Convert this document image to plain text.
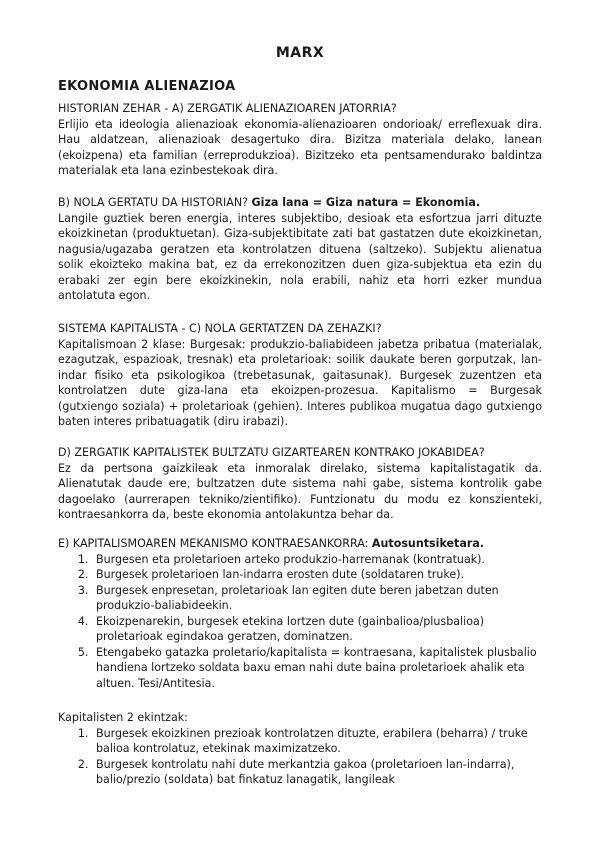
MARX
EKONOMIA ALIENAZIOA
HISTORIAN ZEHAR - A) ZERGATIK ALIENAZIOAREN JATORRIA?
Erlijio eta ideologia alienazioak ekonomia-alienazioaren ondorioak/ erreflexuak dira. Hau aldatzean, alienazioak desagertuko dira. Bizitza materiala delako, lanean (ekoizpena) eta familian (erreprodukzioa). Bizitzeko eta pentsamendurako baldintza materialak eta lana ezinbestekoak dira.
B) NOLA GERTATU DA HISTORIAN? Giza lana = Giza natura = Ekonomia.
Langile guztiek beren energia, interes subjektibo, desioak eta esfortzua jarri dituzte ekoizkinetan (produktuetan). Giza-subjektibitate zati bat gastatzen dute ekoizkinetan, nagusia/ugazaba geratzen eta kontrolatzen dituena (saltzeko). Subjektu alienatua solik ekoizteko makina bat, ez da errekonozitzen duen giza-subjektua eta ezin du erabaki zer egin bere ekoizkinekin, nola erabili, nahiz eta horri ezker mundua antolatuta egon.
SISTEMA KAPITALISTA - C) NOLA GERTATZEN DA ZEHAZKI?
Kapitalismoan 2 klase: Burgesak: produkzio-baliabideen jabetza pribatua (materialak, ezagutzak, espazioak, tresnak) eta proletarioak: soilik daukate beren gorputzak, lan-indar fisiko eta psikologikoa (trebetasunak, gaitasunak). Burgesek zuzentzen eta kontrolatzen dute giza-lana eta ekoizpen-prozesua. Kapitalismo = Burgesak (gutxiengo soziala) + proletarioak (gehien). Interes publikoa mugatua dago gutxiengo baten interes pribatuagatik (diru irabazi).
D) ZERGATIK KAPITALISTEK BULTZATU GIZARTEAREN KONTRAKO JOKABIDEA?
Ez da pertsona gaizkileak eta inmoralak direlako, sistema kapitalistagatik da. Alienatutak daude ere, bultzatzen dute sistema nahi gabe, sistema kontrolik gabe dagoelako (aurrerapen tekniko/zientifiko). Funtzionatu du modu ez konszienteki, kontraesankorra da, beste ekonomia antolakuntza behar da.
E) KAPITALISMOAREN MEKANISMO KONTRAESANKORRA: Autosuntsiketara.
1. Burgesen eta proletarioen arteko produkzio-harremanak (kontratuak).
2. Burgesek proletarioen lan-indarra erosten dute (soldataren truke).
3. Burgesek enpresetan, proletarioak lan egiten dute beren jabetzan duten produkzio-baliabideekin.
4. Ekoizpenarekin, burgesek etekina lortzen dute (gainbalioa/plusbalioa) proletarioak egindakoa geratzen, dominatzen.
5. Etengabeko gatazka proletario/kapitalista = kontraesana, kapitalistek plusbalio handiena lortzeko soldata baxu eman nahi dute baina proletarioek ahalik eta altuen. Tesi/Antitesia.
Kapitalisten 2 ekintzak:
1. Burgesek ekoizkinen prezioak kontrolatzen dituzte, erabilera (beharra) / truke balioa kontrolatuz, etekinak maximizatzeko.
2. Burgesek kontrolatu nahi dute merkantzia gakoa (proletarioen lan-indarra), balio/prezio (soldata) bat finkatuz lanagatik, langileak
